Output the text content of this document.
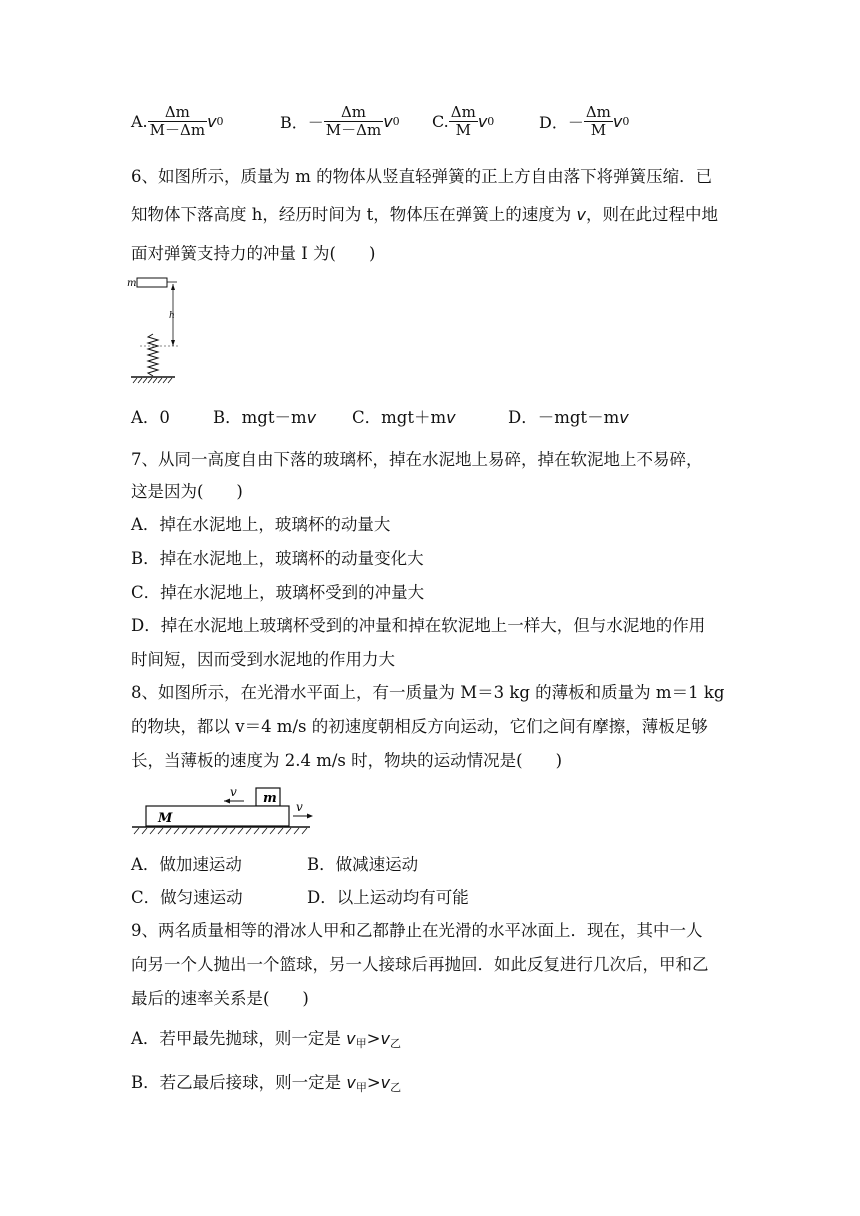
A. $\frac{\Delta m}{M-\Delta m}$ v 0	B．－ $\frac{\Delta m}{M-\Delta m}$ v 0 C. $\frac{\Delta m}{M}$ v 0	D．－ $\frac{\Delta m}{M}$ v 0
6、如图所示，质量为 m 的物体从竖直轻弹簧的正上方自由落下将弹簧压缩．已
知物体下落高度 h，经历时间为 t，物体压在弹簧上的速度为 v，则在此过程中地
面对弹簧支持力的冲量 I 为(　　)
m
h
A．0	B．mgt－mv C．mgt＋mv	D．－mgt－mv
7、从同一高度自由下落的玻璃杯，掉在水泥地上易碎，掉在软泥地上不易碎，
这是因为(　　)
A．掉在水泥地上，玻璃杯的动量大
B．掉在水泥地上，玻璃杯的动量变化大
C．掉在水泥地上，玻璃杯受到的冲量大
D．掉在水泥地上玻璃杯受到的冲量和掉在软泥地上一样大，但与水泥地的作用
时间短，因而受到水泥地的作用力大
8、如图所示，在光滑水平面上，有一质量为 M＝3 kg 的薄板和质量为 m＝1 kg
的物块，都以 v＝4 m/s 的初速度朝相反方向运动，它们之间有摩擦，薄板足够
长，当薄板的速度为 2.4 m/s 时，物块的运动情况是(　　)
m
v
M
v
A．做加速运动	B．做减速运动
C．做匀速运动	D．以上运动均有可能
9、两名质量相等的滑冰人甲和乙都静止在光滑的水平冰面上．现在，其中一人
向另一个人抛出一个篮球，另一人接球后再抛回．如此反复进行几次后，甲和乙
最后的速率关系是(　　)
A．若甲最先抛球，则一定是 $v_甲>v_乙$
B．若乙最后接球，则一定是 $v_甲>v_乙$
